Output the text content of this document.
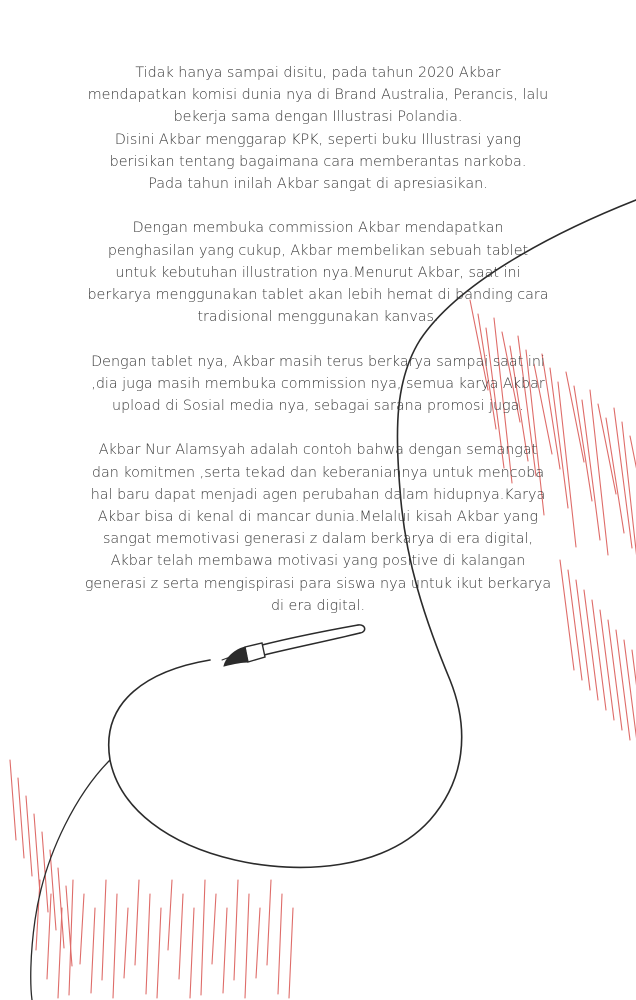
Tidak hanya sampai disitu, pada tahun 2020 Akbar
mendapatkan komisi dunia nya di Brand Australia, Perancis, lalu
bekerja sama dengan Illustrasi Polandia.
Disini Akbar menggarap KPK, seperti buku Illustrasi yang
berisikan tentang bagaimana cara memberantas narkoba.
Pada tahun inilah Akbar sangat di apresiasikan.

Dengan membuka commission Akbar mendapatkan
penghasilan yang cukup, Akbar membelikan sebuah tablet
untuk kebutuhan illustration nya.Menurut Akbar, saat ini
berkarya menggunakan tablet akan lebih hemat di banding cara
tradisional menggunakan kanvas.

Dengan tablet nya, Akbar masih terus berkarya sampai saat ini
,dia juga masih membuka commission nya, semua karya Akbar
upload di Sosial media nya, sebagai sarana promosi juga.

Akbar Nur Alamsyah adalah contoh bahwa dengan semangat
dan komitmen ,serta tekad dan keberaniannya untuk mencoba
hal baru dapat menjadi agen perubahan dalam hidupnya.Karya
Akbar bisa di kenal di mancar dunia.Melalui kisah Akbar yang
sangat memotivasi generasi z dalam berkarya di era digital,
Akbar telah membawa motivasi yang positive di kalangan
generasi z serta mengispirasi para siswa nya untuk ikut berkarya
di era digital.
